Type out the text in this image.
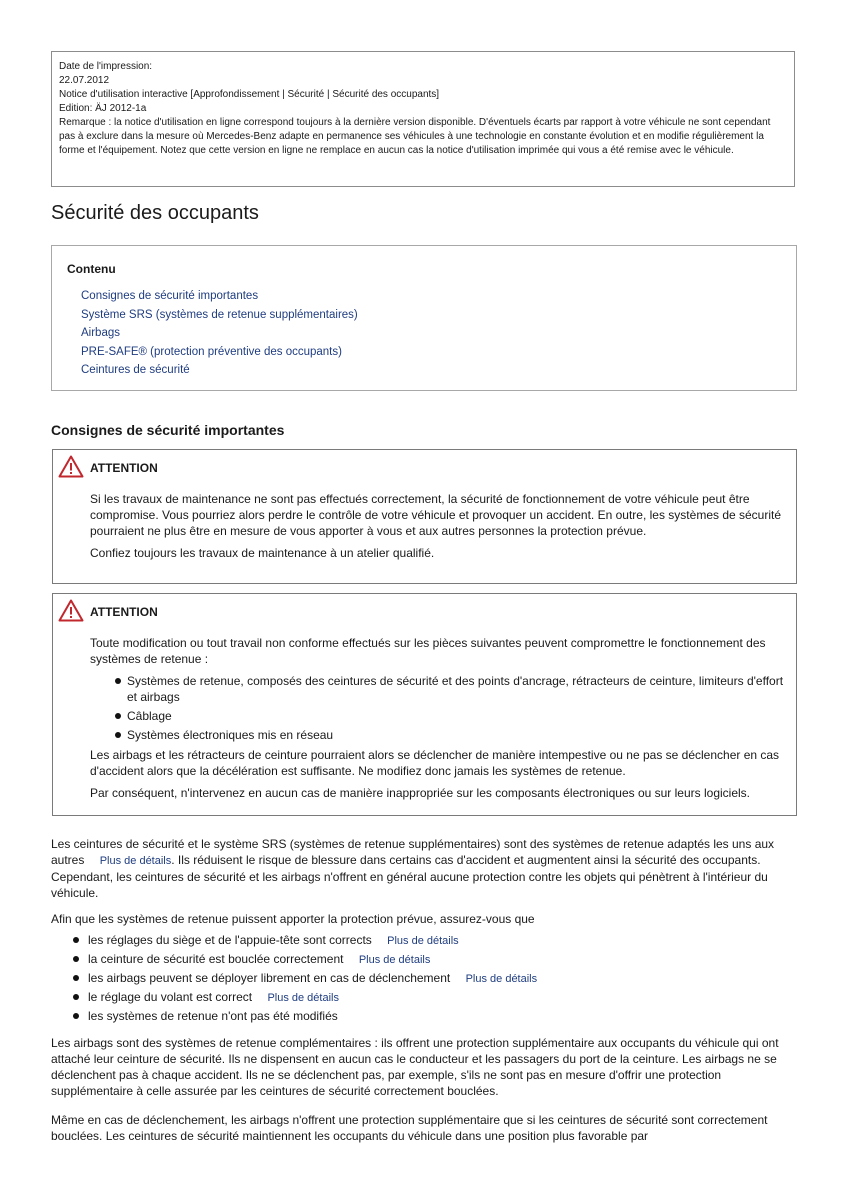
Date de l'impression:
22.07.2012
Notice d'utilisation interactive [Approfondissement | Sécurité | Sécurité des occupants]
Edition: ÄJ 2012-1a
Remarque : la notice d'utilisation en ligne correspond toujours à la dernière version disponible. D'éventuels écarts par rapport à votre véhicule ne sont cependant pas à exclure dans la mesure où Mercedes-Benz adapte en permanence ses véhicules à une technologie en constante évolution et en modifie régulièrement la forme et l'équipement. Notez que cette version en ligne ne remplace en aucun cas la notice d'utilisation imprimée qui vous a été remise avec le véhicule.
Sécurité des occupants
Contenu
Consignes de sécurité importantes
Système SRS (systèmes de retenue supplémentaires)
Airbags
PRE-SAFE® (protection préventive des occupants)
Ceintures de sécurité
Consignes de sécurité importantes
ATTENTION

Si les travaux de maintenance ne sont pas effectués correctement, la sécurité de fonctionnement de votre véhicule peut être compromise. Vous pourriez alors perdre le contrôle de votre véhicule et provoquer un accident. En outre, les systèmes de sécurité pourraient ne plus être en mesure de vous apporter à vous et aux autres personnes la protection prévue.

Confiez toujours les travaux de maintenance à un atelier qualifié.

ATTENTION

Toute modification ou tout travail non conforme effectués sur les pièces suivantes peuvent compromettre le fonctionnement des systèmes de retenue :

Systèmes de retenue, composés des ceintures de sécurité et des points d'ancrage, rétracteurs de ceinture, limiteurs d'effort et airbags
Câblage
Systèmes électroniques mis en réseau

Les airbags et les rétracteurs de ceinture pourraient alors se déclencher de manière intempestive ou ne pas se déclencher en cas d'accident alors que la décélération est suffisante. Ne modifiez donc jamais les systèmes de retenue.

Par conséquent, n'intervenez en aucun cas de manière inappropriée sur les composants électroniques ou sur leurs logiciels.

Les ceintures de sécurité et le système SRS (systèmes de retenue supplémentaires) sont des systèmes de retenue adaptés les uns aux autres Plus de détails. Ils réduisent le risque de blessure dans certains cas d'accident et augmentent ainsi la sécurité des occupants. Cependant, les ceintures de sécurité et les airbags n'offrent en général aucune protection contre les objets qui pénètrent à l'intérieur du véhicule.

Afin que les systèmes de retenue puissent apporter la protection prévue, assurez-vous que

les réglages du siège et de l'appuie-tête sont corrects Plus de détails
la ceinture de sécurité est bouclée correctement Plus de détails
les airbags peuvent se déployer librement en cas de déclenchement Plus de détails
le réglage du volant est correct Plus de détails
les systèmes de retenue n'ont pas été modifiés

Les airbags sont des systèmes de retenue complémentaires : ils offrent une protection supplémentaire aux occupants du véhicule qui ont attaché leur ceinture de sécurité. Ils ne dispensent en aucun cas le conducteur et les passagers du port de la ceinture. Les airbags ne se déclenchent pas à chaque accident. Ils ne se déclenchent pas, par exemple, s'ils ne sont pas en mesure d'offrir une protection supplémentaire à celle assurée par les ceintures de sécurité correctement bouclées.

Même en cas de déclenchement, les airbags n'offrent une protection supplémentaire que si les ceintures de sécurité sont correctement bouclées. Les ceintures de sécurité maintiennent les occupants du véhicule dans une position plus favorable par
